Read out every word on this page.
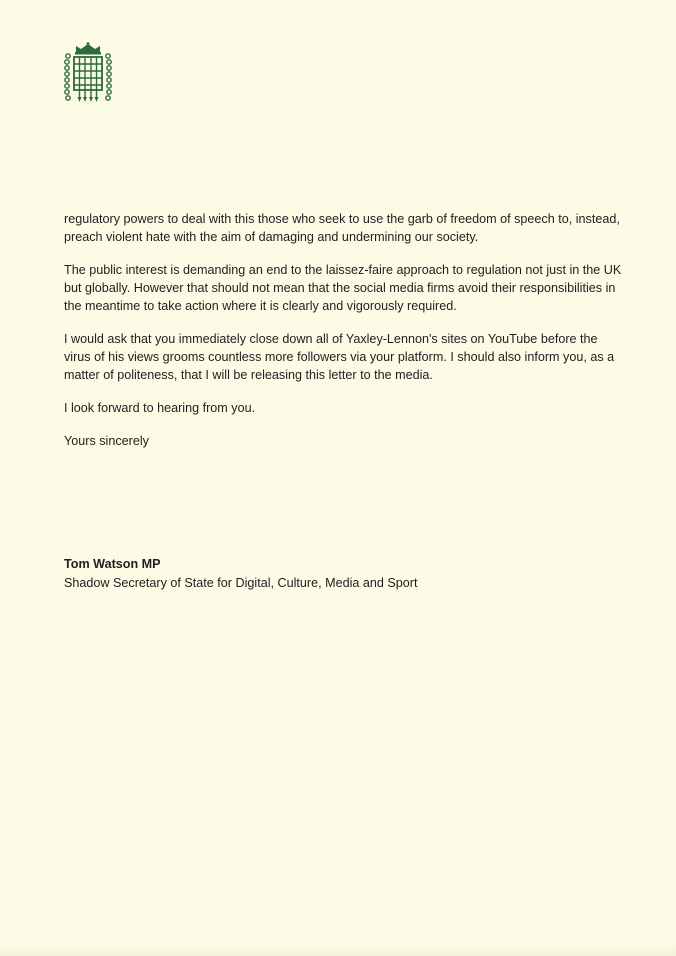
regulatory powers to deal with this those who seek to use the garb of freedom of speech to, instead, preach violent hate with the aim of damaging and undermining our society.

The public interest is demanding an end to the laissez-faire approach to regulation not just in the UK but globally. However that should not mean that the social media firms avoid their responsibilities in the meantime to take action where it is clearly and vigorously required.

I would ask that you immediately close down all of Yaxley-Lennon's sites on YouTube before the virus of his views grooms countless more followers via your platform. I should also inform you, as a matter of politeness, that I will be releasing this letter to the media.

I look forward to hearing from you.

Yours sincerely

Tom Watson MP
Shadow Secretary of State for Digital, Culture, Media and Sport
